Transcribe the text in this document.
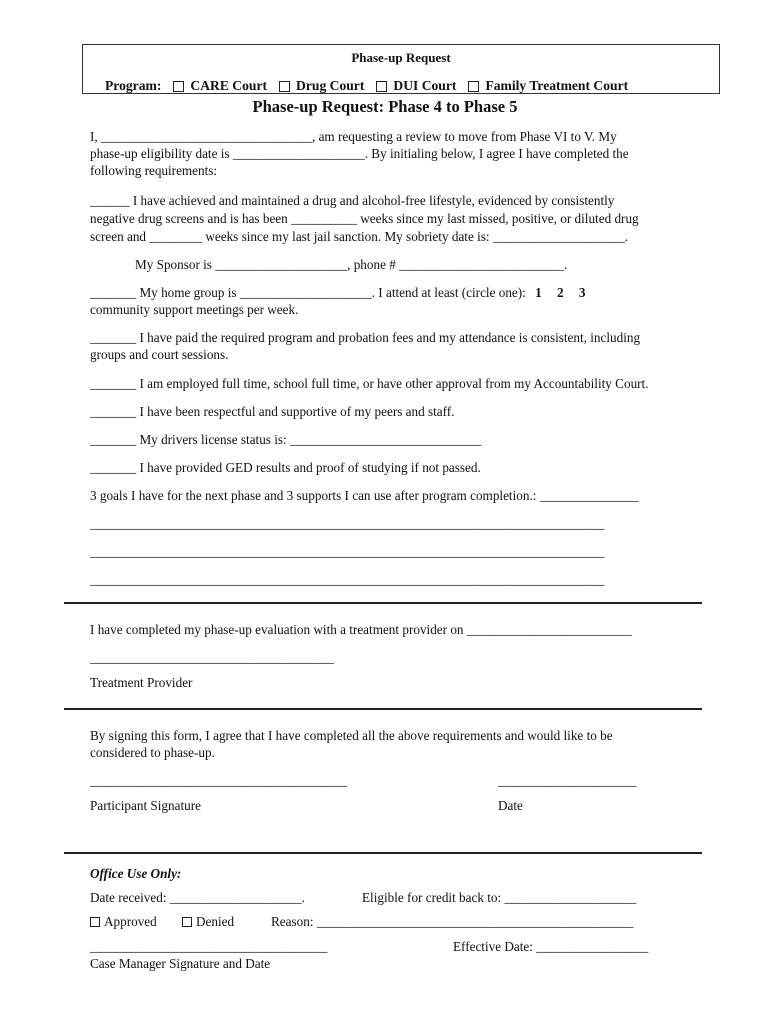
Phase-up Request
Program: CARE Court Drug Court DUI Court Family Treatment Court
Phase-up Request: Phase 4 to Phase 5
I, ________________________________, am requesting a review to move from Phase VI to V. My
phase-up eligibility date is ____________________. By initialing below, I agree I have completed the
following requirements:
______ I have achieved and maintained a drug and alcohol-free lifestyle, evidenced by consistently
negative drug screens and is has been __________ weeks since my last missed, positive, or diluted drug
screen and ________ weeks since my last jail sanction. My sobriety date is: ____________________.
My Sponsor is ____________________, phone # _________________________.
_______ My home group is ____________________. I attend at least (circle one): 1 2 3
community support meetings per week.
_______ I have paid the required program and probation fees and my attendance is consistent, including
groups and court sessions.
_______ I am employed full time, school full time, or have other approval from my Accountability Court.
_______ I have been respectful and supportive of my peers and staff.
_______ My drivers license status is: _____________________________
_______ I have provided GED results and proof of studying if not passed.
3 goals I have for the next phase and 3 supports I can use after program completion.: _______________
______________________________________________________________________________
______________________________________________________________________________
______________________________________________________________________________
I have completed my phase-up evaluation with a treatment provider on _________________________
_____________________________________
Treatment Provider
By signing this form, I agree that I have completed all the above requirements and would like to be
considered to phase-up.
_______________________________________	_____________________
Participant Signature	Date
Office Use Only:
Date received: ____________________.	Eligible for credit back to: ____________________
Approved	Denied	Reason: ________________________________________________
____________________________________	Effective Date: _________________
Case Manager Signature and Date
